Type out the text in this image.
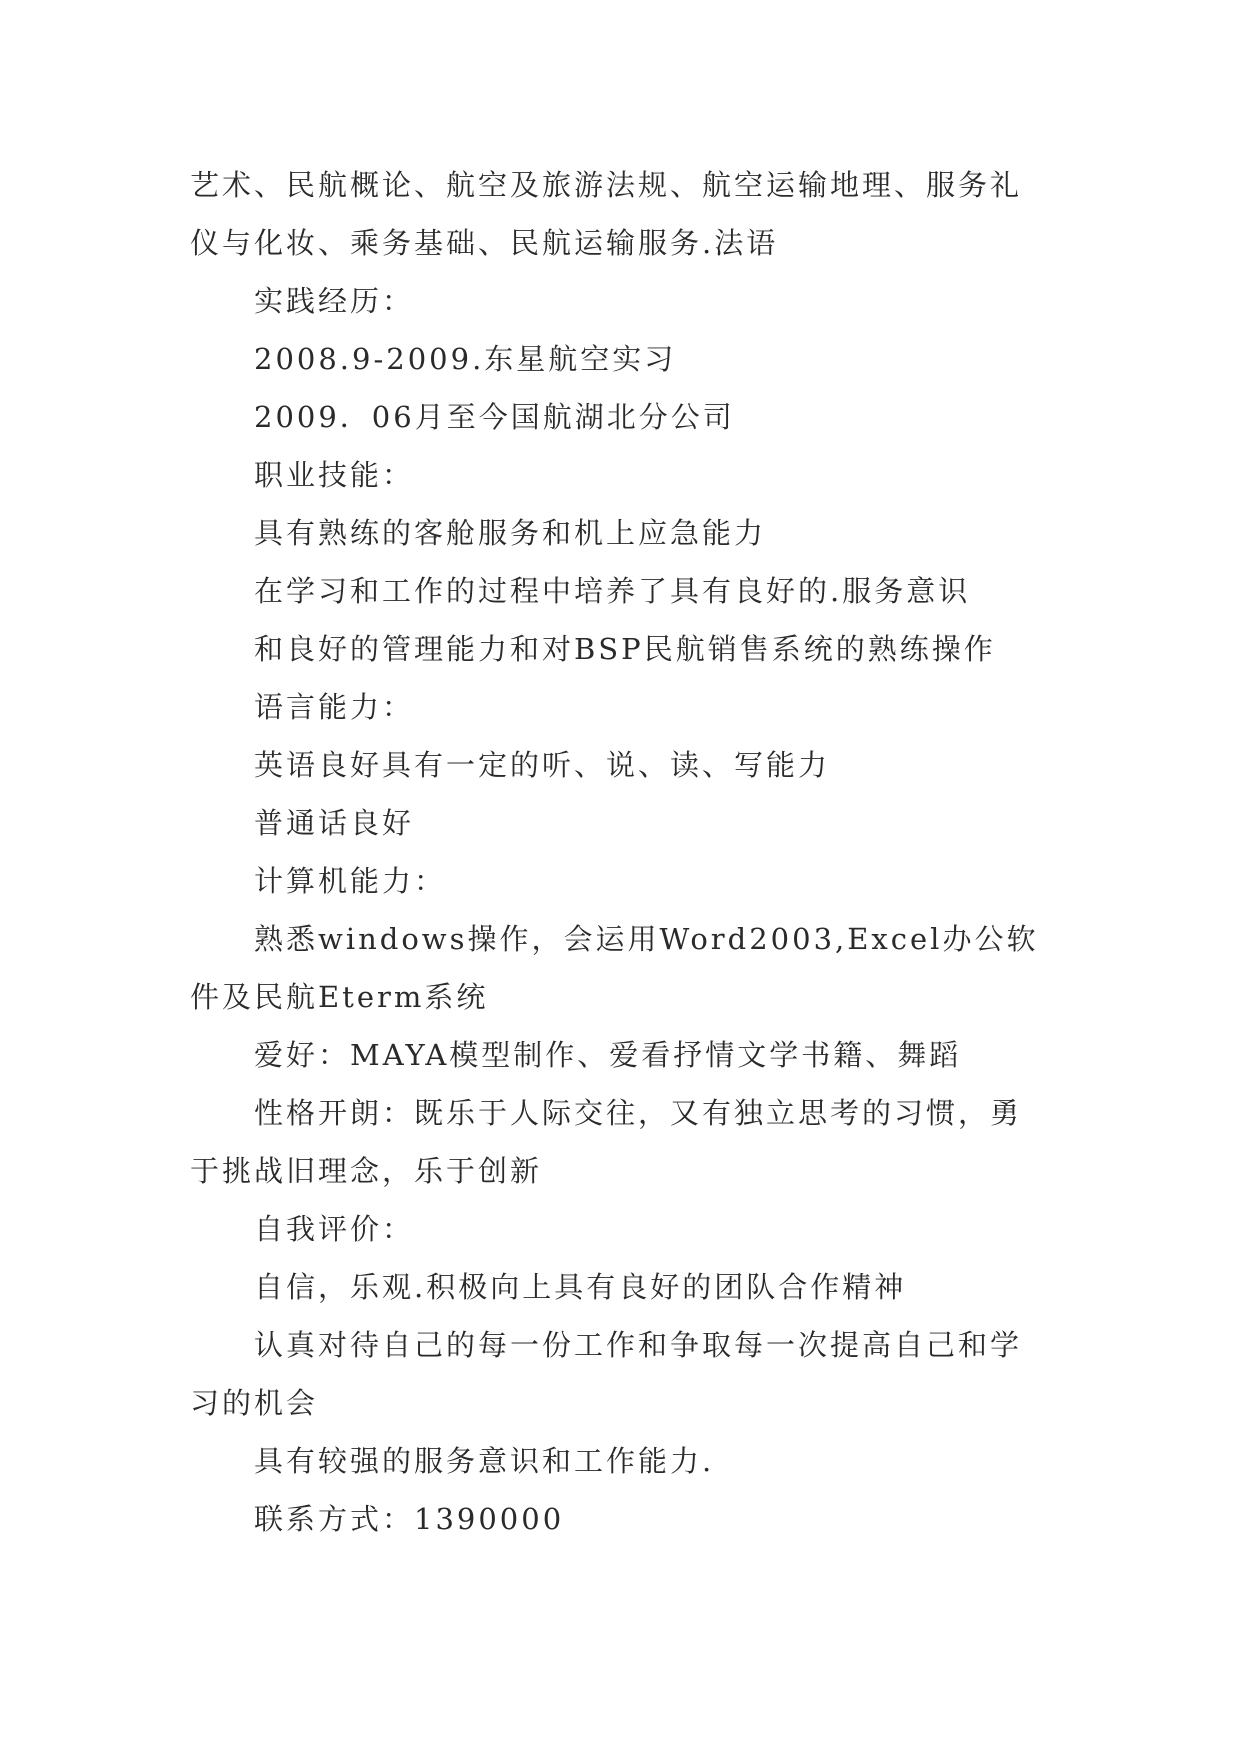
艺术、民航概论、航空及旅游法规、航空运输地理、服务礼仪与化妆、乘务基础、民航运输服务.法语

实践经历：

2008.9-2009.东星航空实习

2009．06月至今国航湖北分公司

职业技能：

具有熟练的客舱服务和机上应急能力

在学习和工作的过程中培养了具有良好的.服务意识

和良好的管理能力和对BSP民航销售系统的熟练操作

语言能力：

英语良好具有一定的听、说、读、写能力

普通话良好

计算机能力：

熟悉windows操作，会运用Word2003,Excel办公软件及民航Eterm系统

爱好：MAYA模型制作、爱看抒情文学书籍、舞蹈

性格开朗：既乐于人际交往，又有独立思考的习惯，勇于挑战旧理念，乐于创新

自我评价：

自信，乐观.积极向上具有良好的团队合作精神

认真对待自己的每一份工作和争取每一次提高自己和学习的机会

具有较强的服务意识和工作能力.

联系方式：1390000
